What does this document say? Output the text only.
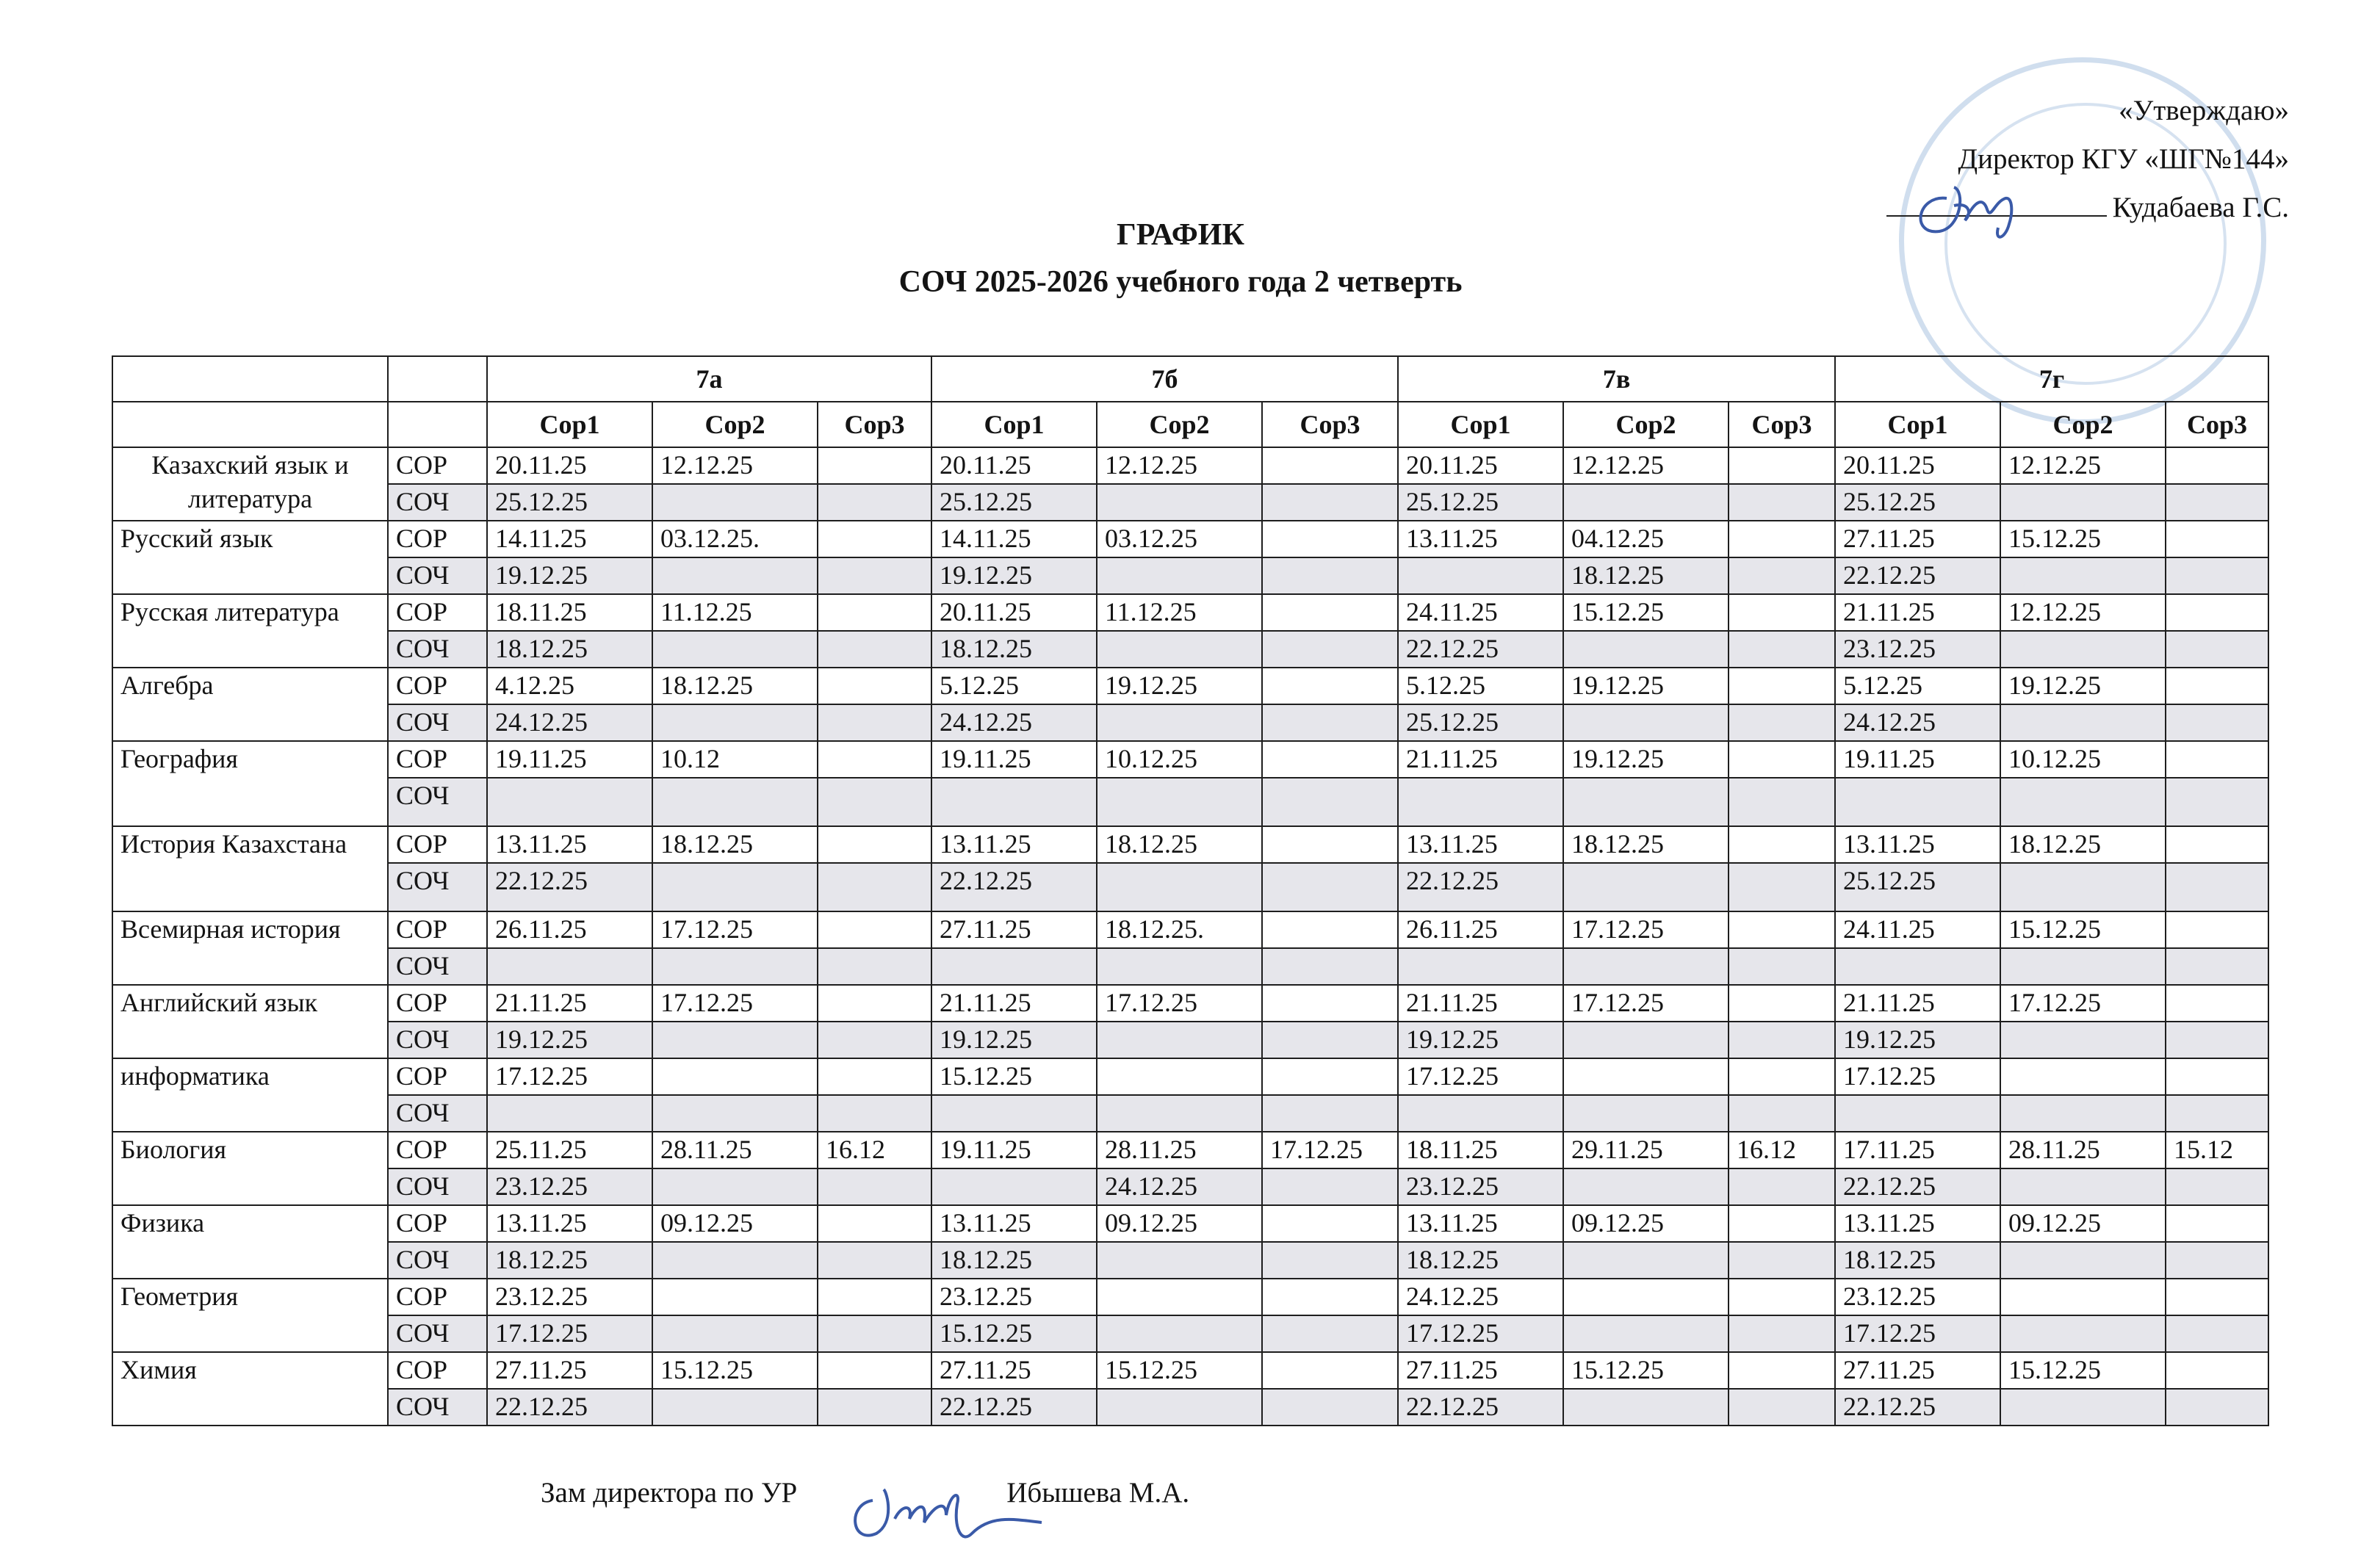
«Утверждаю»
Директор КГУ «ШГ№144»
Кудабаева Г.С.
ГРАФИК
СОЧ 2025-2026 учебного года 2 четверть
		7а			7б			7в			7г		
		Cор1	Cор2	Cор3	Cор1	Cор2	Cор3	Cор1	Cор2	Cор3	Cор1	Cор2	Cор3
Казахский язык и литература	СОР	20.11.25	12.12.25		20.11.25	12.12.25		20.11.25	12.12.25		20.11.25	12.12.25	
	СОЧ	25.12.25			25.12.25			25.12.25			25.12.25		
Русский язык	СОР	14.11.25	03.12.25.		14.11.25	03.12.25		13.11.25	04.12.25		27.11.25	15.12.25	
	СОЧ	19.12.25			19.12.25				18.12.25		22.12.25		
Русская литература	СОР	18.11.25	11.12.25		20.11.25	11.12.25		24.11.25	15.12.25		21.11.25	12.12.25	
	СОЧ	18.12.25			18.12.25			22.12.25			23.12.25		
Алгебра	СОР	4.12.25	18.12.25		5.12.25	19.12.25		5.12.25	19.12.25		5.12.25	19.12.25	
	СОЧ	24.12.25			24.12.25			25.12.25			24.12.25		
География	СОР	19.11.25	10.12		19.11.25	10.12.25		21.11.25	19.12.25		19.11.25	10.12.25	
	СОЧ												
История Казахстана	СОР	13.11.25	18.12.25		13.11.25	18.12.25		13.11.25	18.12.25		13.11.25	18.12.25	
	СОЧ	22.12.25			22.12.25			22.12.25			25.12.25		
Всемирная история	СОР	26.11.25	17.12.25		27.11.25	18.12.25.		26.11.25	17.12.25		24.11.25	15.12.25	
	СОЧ												
Английский язык	СОР	21.11.25	17.12.25		21.11.25	17.12.25		21.11.25	17.12.25		21.11.25	17.12.25	
	СОЧ	19.12.25			19.12.25			19.12.25			19.12.25		
информатика	СОР	17.12.25			15.12.25			17.12.25			17.12.25		
	СОЧ												
Биология	СОР	25.11.25	28.11.25	16.12	19.11.25	28.11.25	17.12.25	18.11.25	29.11.25	16.12	17.11.25	28.11.25	15.12
	СОЧ	23.12.25				24.12.25		23.12.25			22.12.25		
Физика	СОР	13.11.25	09.12.25		13.11.25	09.12.25		13.11.25	09.12.25		13.11.25	09.12.25	
	СОЧ	18.12.25			18.12.25			18.12.25			18.12.25		
Геометрия	СОР	23.12.25			23.12.25			24.12.25			23.12.25		
	СОЧ	17.12.25			15.12.25			17.12.25			17.12.25		
Химия	СОР	27.11.25	15.12.25		27.11.25	15.12.25		27.11.25	15.12.25		27.11.25	15.12.25	
	СОЧ	22.12.25			22.12.25			22.12.25			22.12.25		
Зам директора по УР	Ибышева М.А.
